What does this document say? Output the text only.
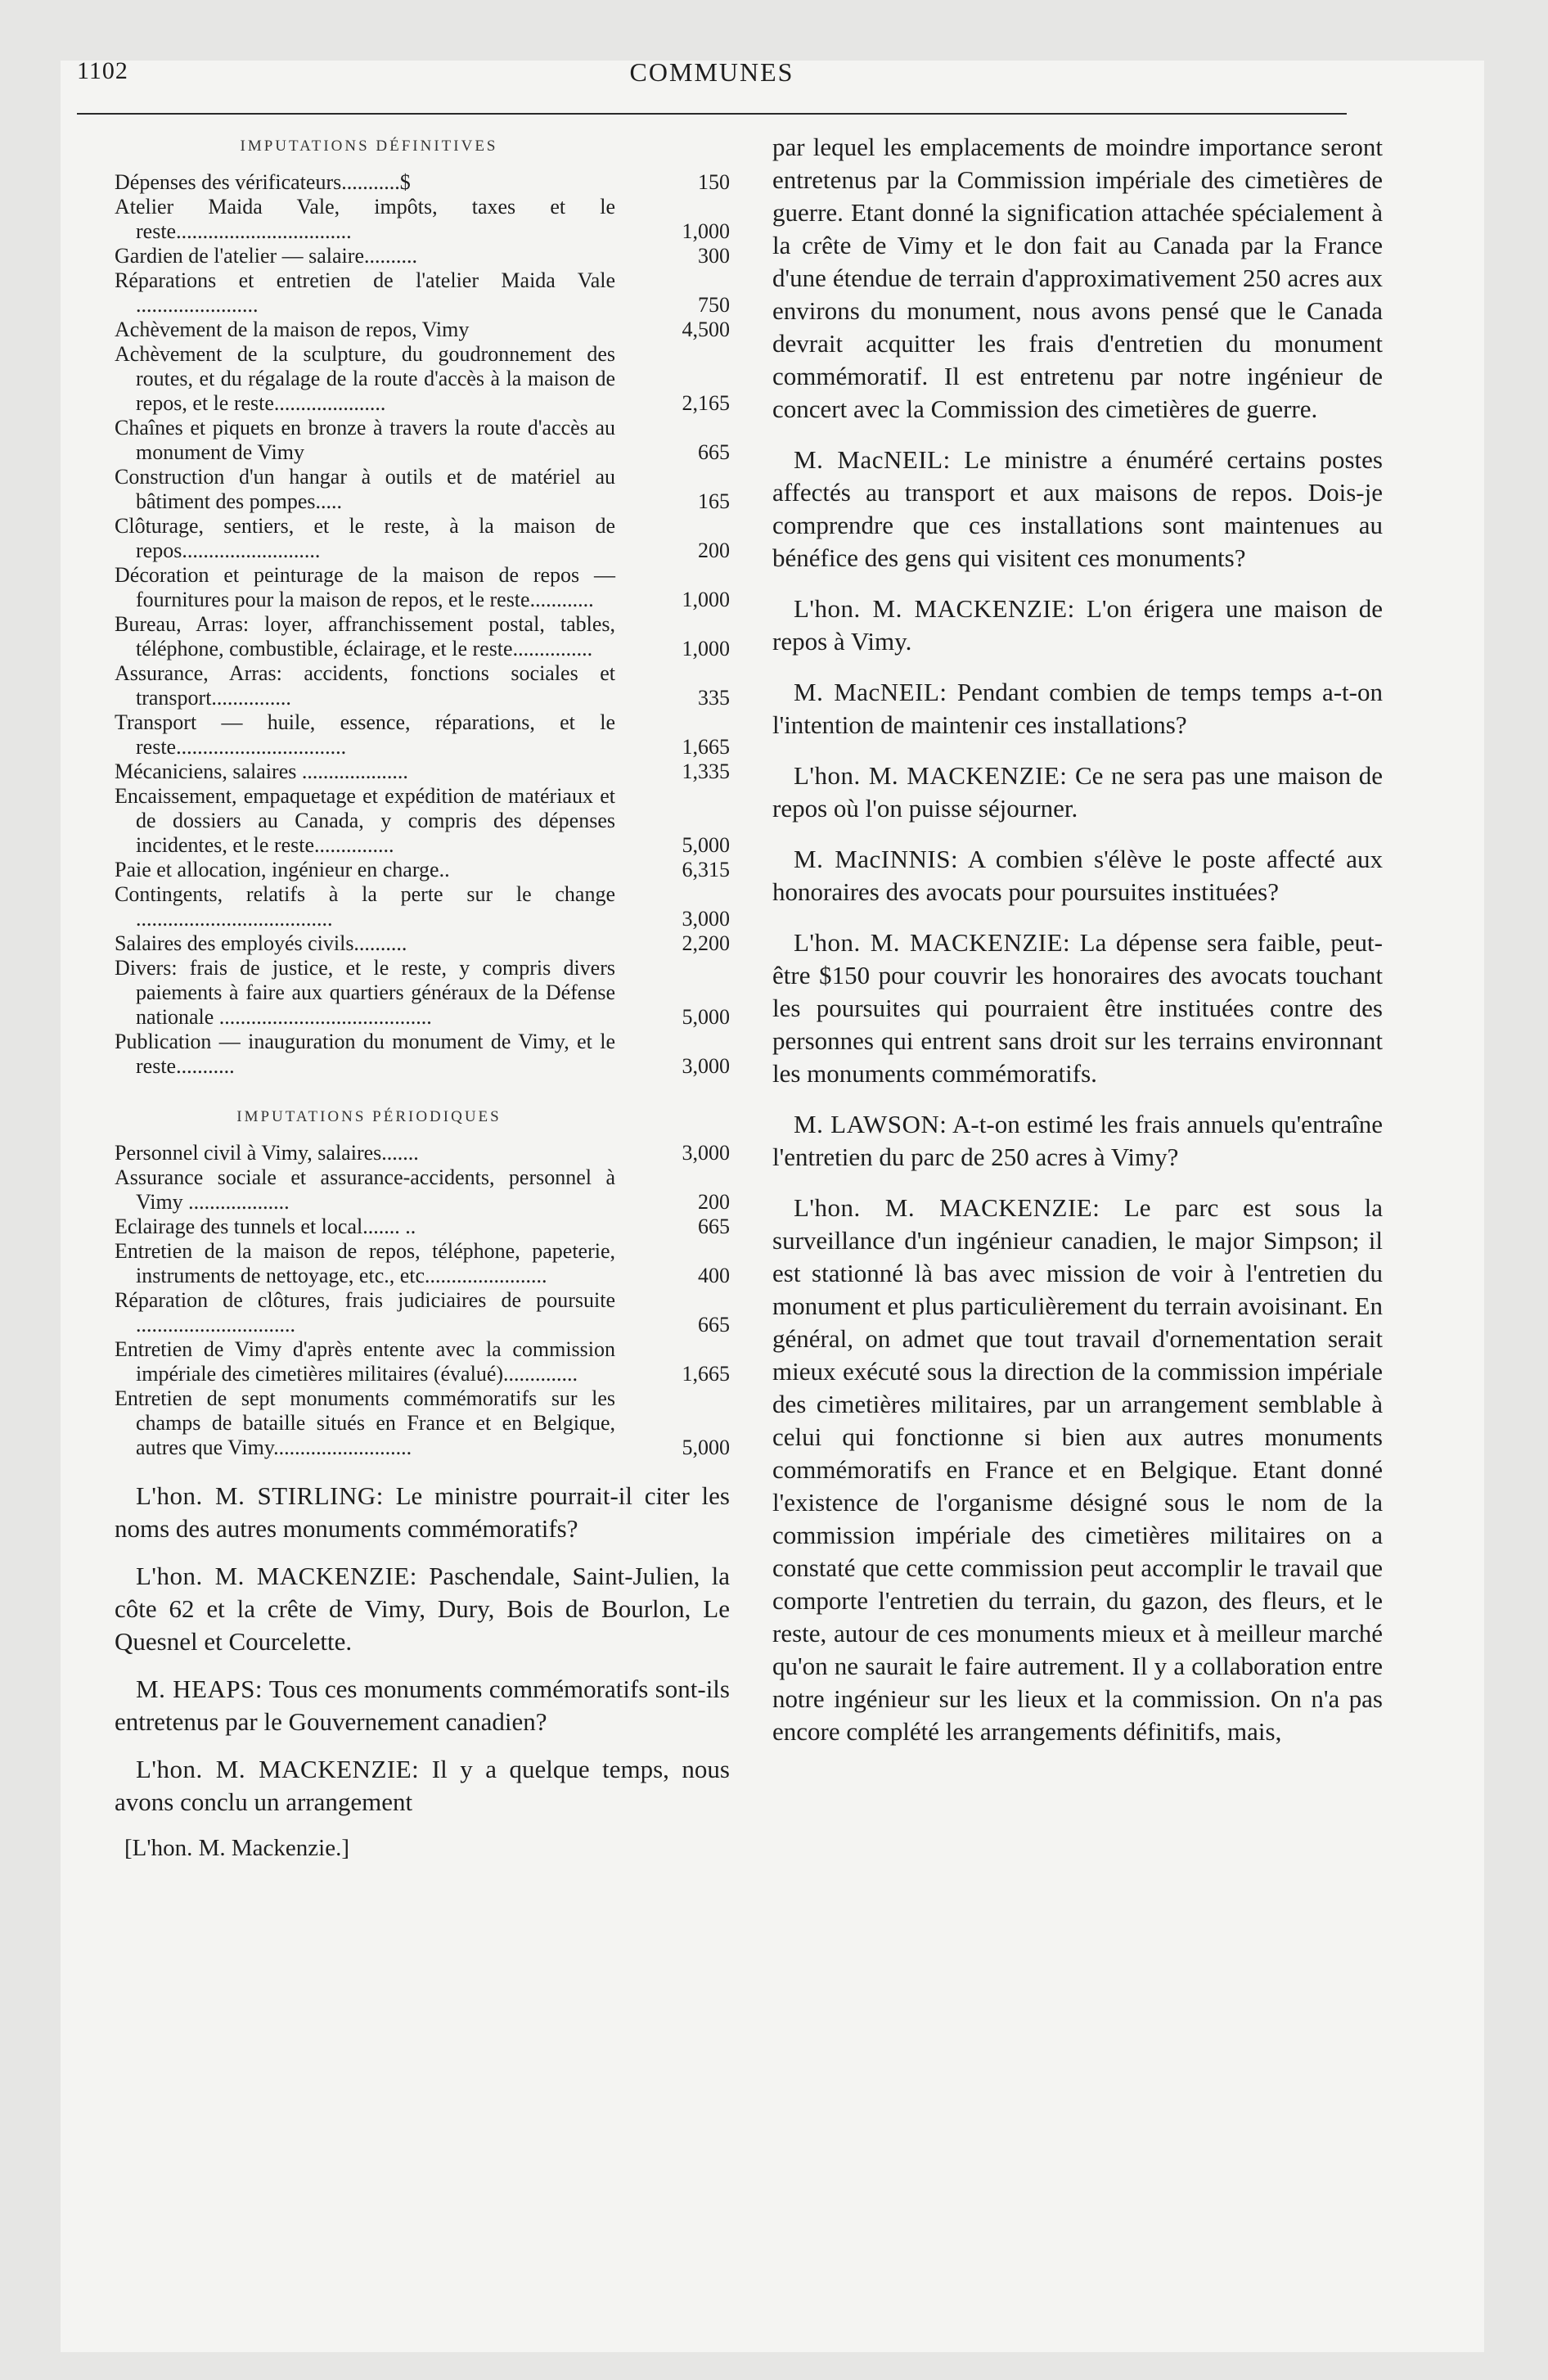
1102	COMMUNES
IMPUTATIONS DÉFINITIVES
Dépenses des vérificateurs...........$	150
Atelier Maida Vale, impôts, taxes et le reste.................................	1,000
Gardien de l'atelier — salaire..........	300
Réparations et entretien de l'atelier Maida Vale .......................	750
Achèvement de la maison de repos, Vimy	4,500
Achèvement de la sculpture, du goudronnement des routes, et du régalage de la route d'accès à la maison de repos, et le reste.....................	2,165
Chaînes et piquets en bronze à travers la route d'accès au monument de Vimy	665
Construction d'un hangar à outils et de matériel au bâtiment des pompes.....	165
Clôturage, sentiers, et le reste, à la maison de repos..........................	200
Décoration et peinturage de la maison de repos — fournitures pour la maison de repos, et le reste............	1,000
Bureau, Arras: loyer, affranchissement postal, tables, téléphone, combustible, éclairage, et le reste...............	1,000
Assurance, Arras: accidents, fonctions sociales et transport...............	335
Transport — huile, essence, réparations, et le reste................................	1,665
Mécaniciens, salaires ....................	1,335
Encaissement, empaquetage et expédition de matériaux et de dossiers au Canada, y compris des dépenses incidentes, et le reste...............	5,000
Paie et allocation, ingénieur en charge..	6,315
Contingents, relatifs à la perte sur le change .....................................	3,000
Salaires des employés civils..........	2,200
Divers: frais de justice, et le reste, y compris divers paiements à faire aux quartiers généraux de la Défense nationale ........................................	5,000
Publication — inauguration du monument de Vimy, et le reste...........	3,000
IMPUTATIONS PÉRIODIQUES
Personnel civil à Vimy, salaires.......	3,000
Assurance sociale et assurance-accidents, personnel à Vimy ...................	200
Eclairage des tunnels et local....... ..	665
Entretien de la maison de repos, téléphone, papeterie, instruments de nettoyage, etc., etc.......................	400
Réparation de clôtures, frais judiciaires de poursuite ..............................	665
Entretien de Vimy d'après entente avec la commission impériale des cimetières militaires (évalué)..............	1,665
Entretien de sept monuments commémoratifs sur les champs de bataille situés en France et en Belgique, autres que Vimy..........................	5,000

L'hon. M. STIRLING: Le ministre pourrait-il citer les noms des autres monuments commémoratifs?

L'hon. M. MACKENZIE: Paschendale, Saint-Julien, la côte 62 et la crête de Vimy, Dury, Bois de Bourlon, Le Quesnel et Courcelette.

M. HEAPS: Tous ces monuments commémoratifs sont-ils entretenus par le Gouvernement canadien?

L'hon. M. MACKENZIE: Il y a quelque temps, nous avons conclu un arrangement

[L'hon. M. Mackenzie.]

par lequel les emplacements de moindre importance seront entretenus par la Commission impériale des cimetières de guerre. Etant donné la signification attachée spécialement à la crête de Vimy et le don fait au Canada par la France d'une étendue de terrain d'approximativement 250 acres aux environs du monument, nous avons pensé que le Canada devrait acquitter les frais d'entretien du monument commémoratif. Il est entretenu par notre ingénieur de concert avec la Commission des cimetières de guerre.

M. MacNEIL: Le ministre a énuméré certains postes affectés au transport et aux maisons de repos. Dois-je comprendre que ces installations sont maintenues au bénéfice des gens qui visitent ces monuments?

L'hon. M. MACKENZIE: L'on érigera une maison de repos à Vimy.

M. MacNEIL: Pendant combien de temps temps a-t-on l'intention de maintenir ces installations?

L'hon. M. MACKENZIE: Ce ne sera pas une maison de repos où l'on puisse séjourner.

M. MacINNIS: A combien s'élève le poste affecté aux honoraires des avocats pour poursuites instituées?

L'hon. M. MACKENZIE: La dépense sera faible, peut-être $150 pour couvrir les honoraires des avocats touchant les poursuites qui pourraient être instituées contre des personnes qui entrent sans droit sur les terrains environnant les monuments commémoratifs.

M. LAWSON: A-t-on estimé les frais annuels qu'entraîne l'entretien du parc de 250 acres à Vimy?

L'hon. M. MACKENZIE: Le parc est sous la surveillance d'un ingénieur canadien, le major Simpson; il est stationné là bas avec mission de voir à l'entretien du monument et plus particulièrement du terrain avoisinant. En général, on admet que tout travail d'ornementation serait mieux exécuté sous la direction de la commission impériale des cimetières militaires, par un arrangement semblable à celui qui fonctionne si bien aux autres monuments commémoratifs en France et en Belgique. Etant donné l'existence de l'organisme désigné sous le nom de la commission impériale des cimetières militaires on a constaté que cette commission peut accomplir le travail que comporte l'entretien du terrain, du gazon, des fleurs, et le reste, autour de ces monuments mieux et à meilleur marché qu'on ne saurait le faire autrement. Il y a collaboration entre notre ingénieur sur les lieux et la commission. On n'a pas encore complété les arrangements définitifs, mais,
